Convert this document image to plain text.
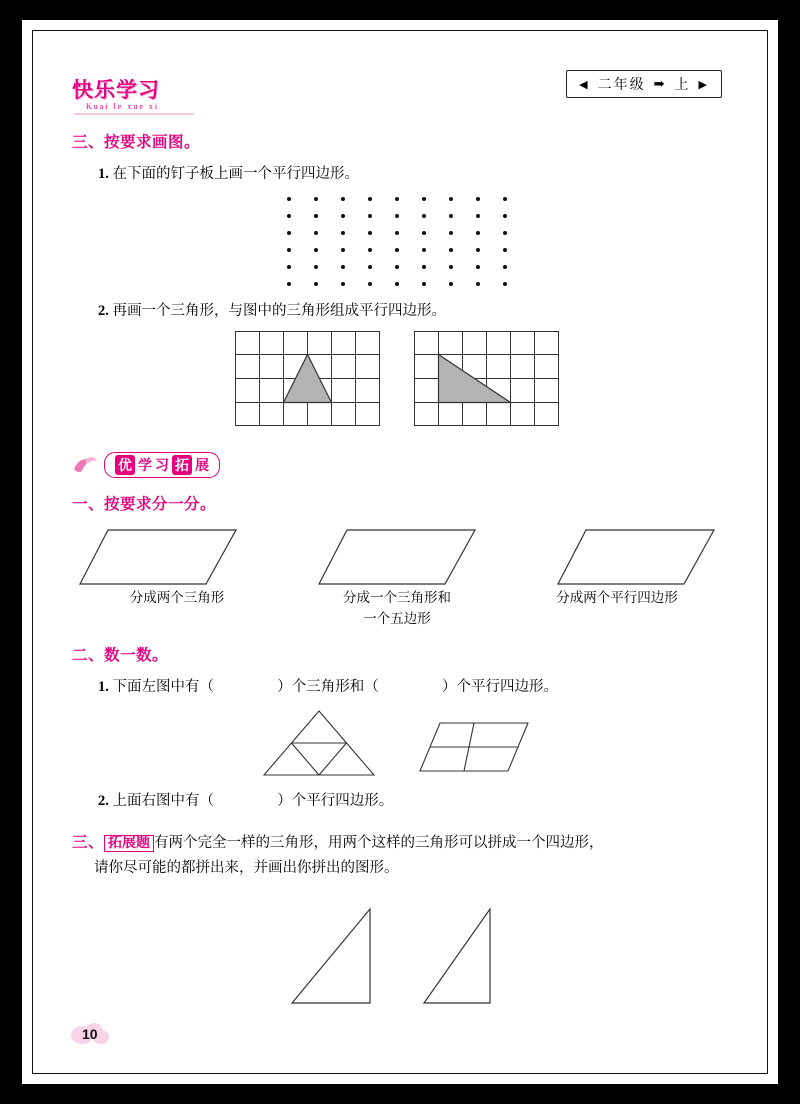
快乐学习
Kuai le xue xi
◀ 二年级 ➡ 上 ▶
三、按要求画图。
1. 在下面的钉子板上画一个平行四边形。
2. 再画一个三角形，与图中的三角形组成平行四边形。
优 学 习 拓 展
一、按要求分一分。
分成两个三角形	分成一个三角形和
一个五边形
分成两个平行四边形
二、数一数。
1. 下面左图中有（	）个三角形和（	）个平行四边形。
2. 上面右图中有（	）个平行四边形。
三、 拓展题 有两个完全一样的三角形，用两个这样的三角形可以拼成一个四边形，
请你尽可能的都拼出来，并画出你拼出的图形。
10
